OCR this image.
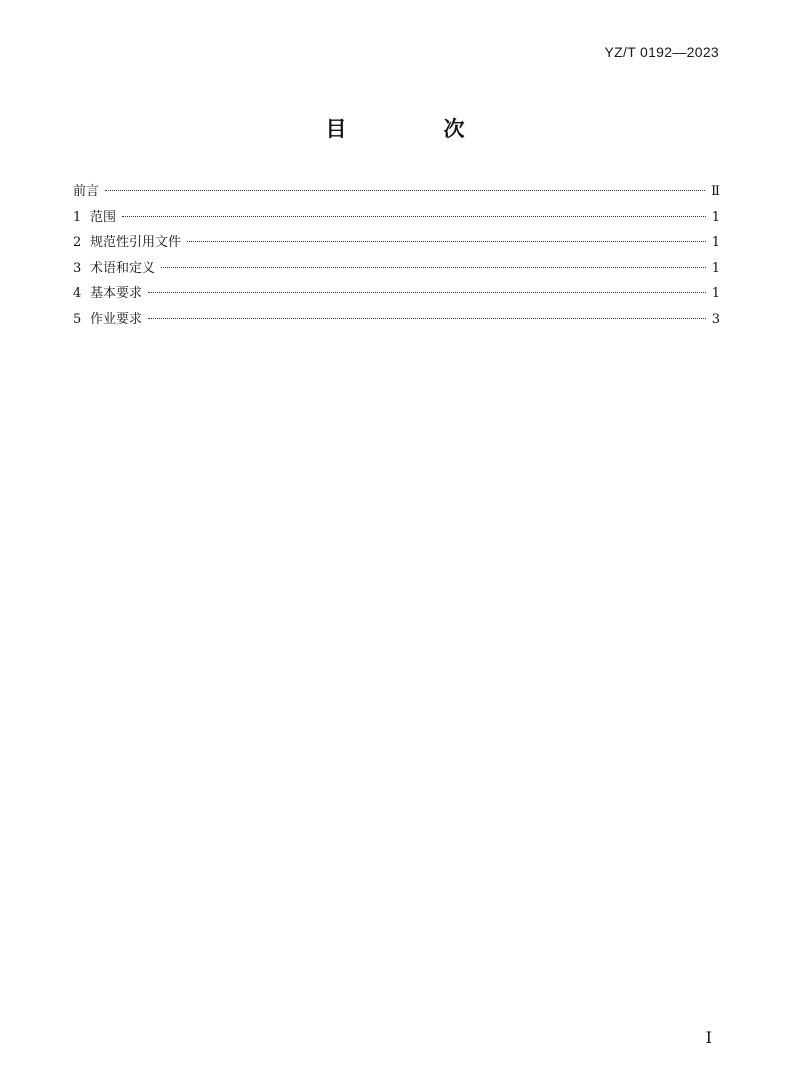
YZ/T 0192—2023
目　次
前言	Ⅱ
1 范围	1
2 规范性引用文件	1
3 术语和定义	1
4 基本要求	1
5 作业要求	3
Ⅰ
